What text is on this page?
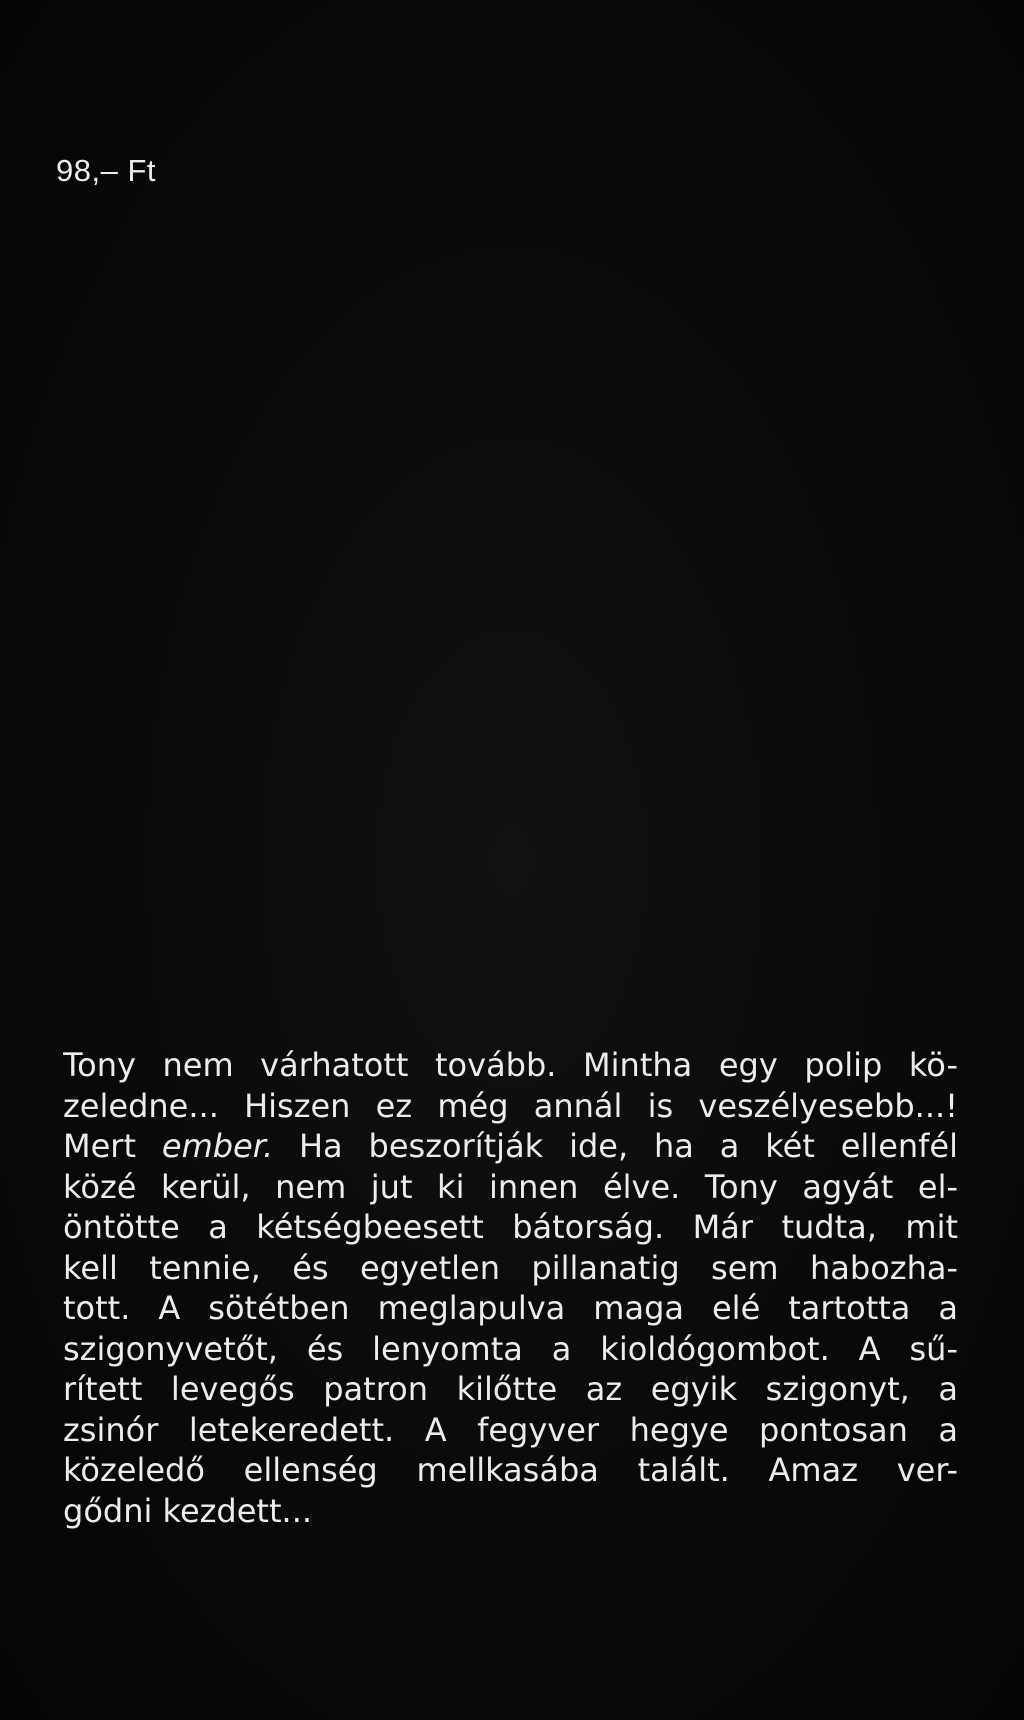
98,– Ft
Tony nem várhatott tovább. Mintha egy polip kö-
zeledne... Hiszen ez még annál is veszélyesebb...!
Mert ember. Ha beszorítják ide, ha a két ellenfél
közé kerül, nem jut ki innen élve. Tony agyát el-
öntötte a kétségbeesett bátorság. Már tudta, mit
kell tennie, és egyetlen pillanatig sem habozha-
tott. A sötétben meglapulva maga elé tartotta a
szigonyvetőt, és lenyomta a kioldógombot. A sű-
rített levegős patron kilőtte az egyik szigonyt, a
zsinór letekeredett. A fegyver hegye pontosan a
közeledő ellenség mellkasába talált. Amaz ver-
gődni kezdett...
